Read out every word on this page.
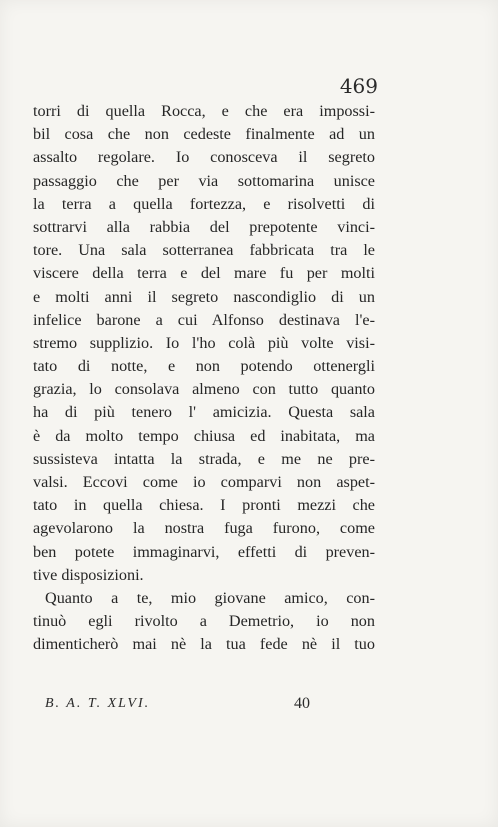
469
torri di quella Rocca, e che era impossi-
bil cosa che non cedeste finalmente ad un
assalto regolare. Io conosceva il segreto
passaggio che per via sottomarina unisce
la terra a quella fortezza, e risolvetti di
sottrarvi alla rabbia del prepotente vinci-
tore. Una sala sotterranea fabbricata tra le
viscere della terra e del mare fu per molti
e molti anni il segreto nascondiglio di un
infelice barone a cui Alfonso destinava l'e-
stremo supplizio. Io l'ho colà più volte visi-
tato di notte, e non potendo ottenergli
grazia, lo consolava almeno con tutto quanto
ha di più tenero l' amicizia. Questa sala
è da molto tempo chiusa ed inabitata, ma
sussisteva intatta la strada, e me ne pre-
valsi. Eccovi come io comparvi non aspet-
tato in quella chiesa. I pronti mezzi che
agevolarono la nostra fuga furono, come
ben potete immaginarvi, effetti di preven-
tive disposizioni.
Quanto a te, mio giovane amico, con-
tinuò egli rivolto a Demetrio, io non
dimenticherò mai nè la tua fede nè il tuo
B. A. T. XLVI.	40
